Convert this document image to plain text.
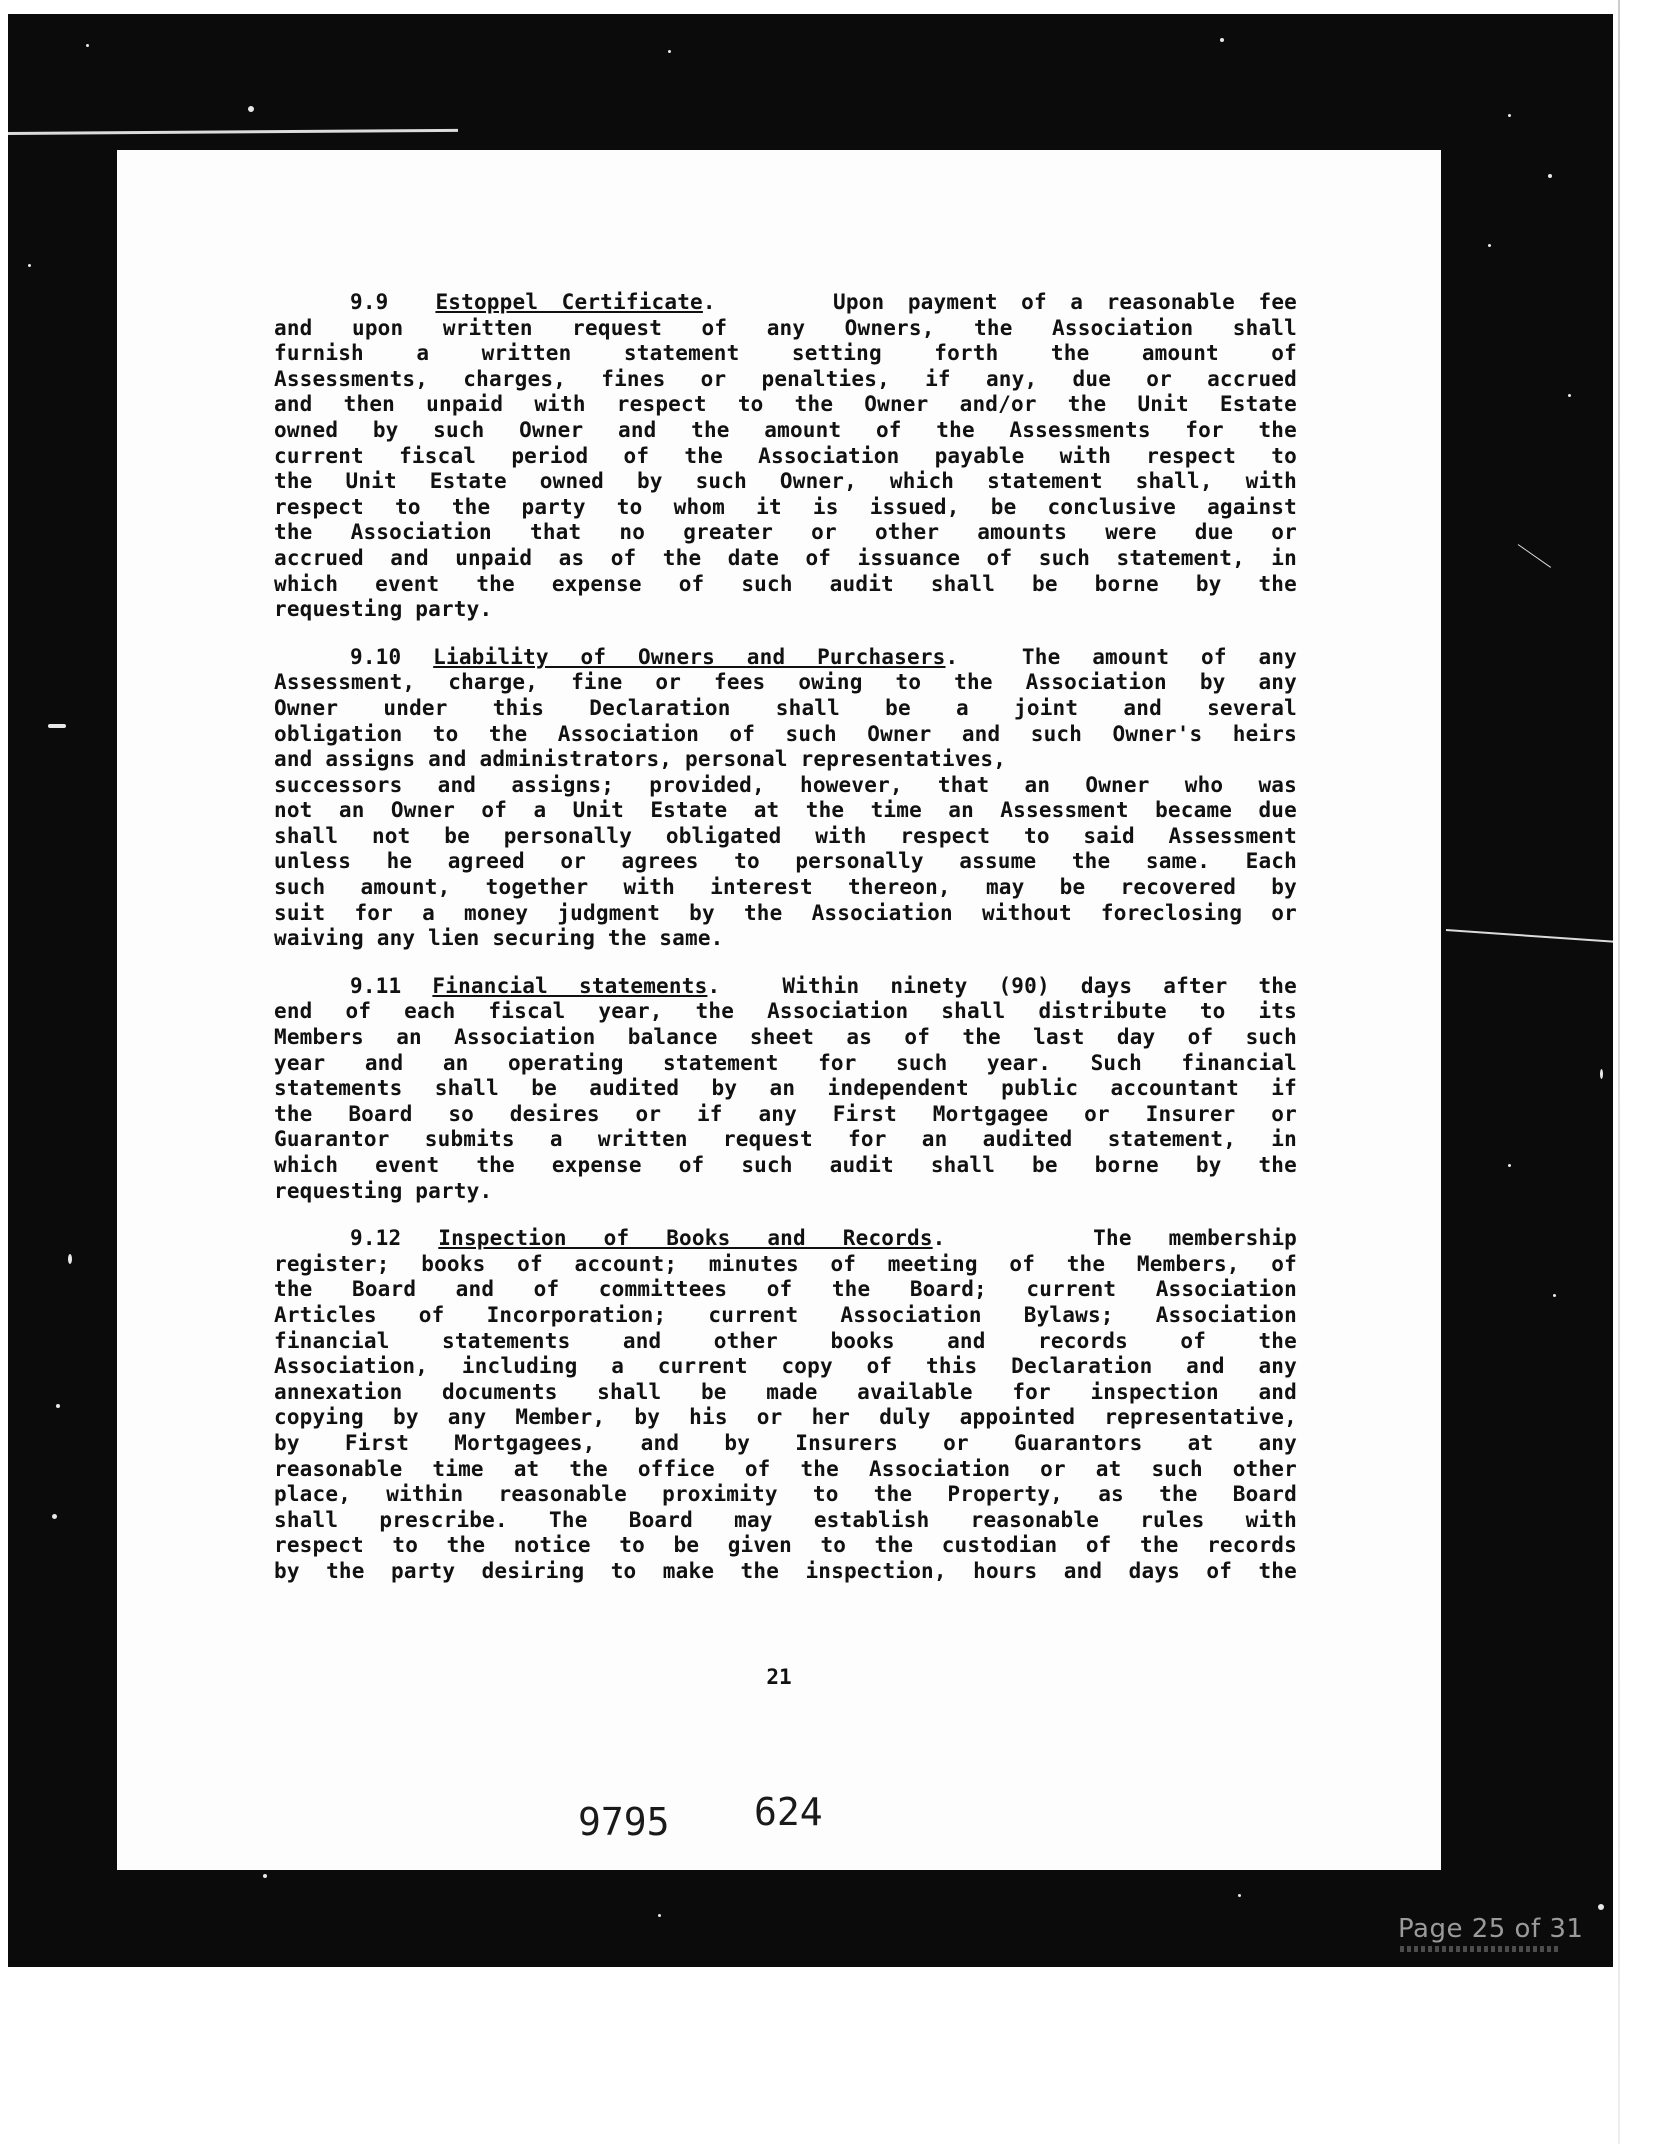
9.9 Estoppel Certificate.     Upon payment of a reasonable fee
and upon written request of any Owners, the Association shall
furnish a written statement setting forth the amount of
Assessments, charges, fines or penalties, if any, due or accrued
and then unpaid with respect to the Owner and/or the Unit Estate
owned by such Owner and the amount of the Assessments for the
current fiscal period of the Association payable with respect to
the Unit Estate owned by such Owner, which statement shall, with
respect to the party to whom it is issued, be conclusive against
the Association that no greater or other amounts were due or
accrued and unpaid as of the date of issuance of such statement, in
which event the expense of such audit shall be borne by the
requesting party.
9.10 Liability of Owners and Purchasers.  The amount of any
Assessment, charge, fine or fees owing to the Association by any
Owner under this Declaration shall be a joint and several
obligation to the Association of such Owner and such Owner's heirs
and assigns and administrators, personal representatives,
successors and assigns; provided, however, that an Owner who was
not an Owner of a Unit Estate at the time an Assessment became due
shall not be personally obligated with respect to said Assessment
unless he agreed or agrees to personally assume the same. Each
such amount, together with interest thereon, may be recovered by
suit for a money judgment by the Association without foreclosing or
waiving any lien securing the same.
9.11 Financial statements.  Within ninety (90) days after the
end of each fiscal year, the Association shall distribute to its
Members an Association balance sheet as of the last day of such
year and an operating statement for such year. Such financial
statements shall be audited by an independent public accountant if
the Board so desires or if any First Mortgagee or Insurer or
Guarantor submits a written request for an audited statement, in
which event the expense of such audit shall be borne by the
requesting party.
9.12 Inspection of Books and Records.    The membership
register; books of account; minutes of meeting of the Members, of
the Board and of committees of the Board; current Association
Articles of Incorporation; current Association Bylaws; Association
financial statements and other books and records of the
Association, including a current copy of this Declaration and any
annexation documents shall be made available for inspection and
copying by any Member, by his or her duly appointed representative,
by First Mortgagees, and by Insurers or Guarantors at any
reasonable time at the office of the Association or at such other
place, within reasonable proximity to the Property, as the Board
shall prescribe. The Board may establish reasonable rules with
respect to the notice to be given to the custodian of the records
by the party desiring to make the inspection, hours and days of the
21
9795 624
Page 25 of 31
